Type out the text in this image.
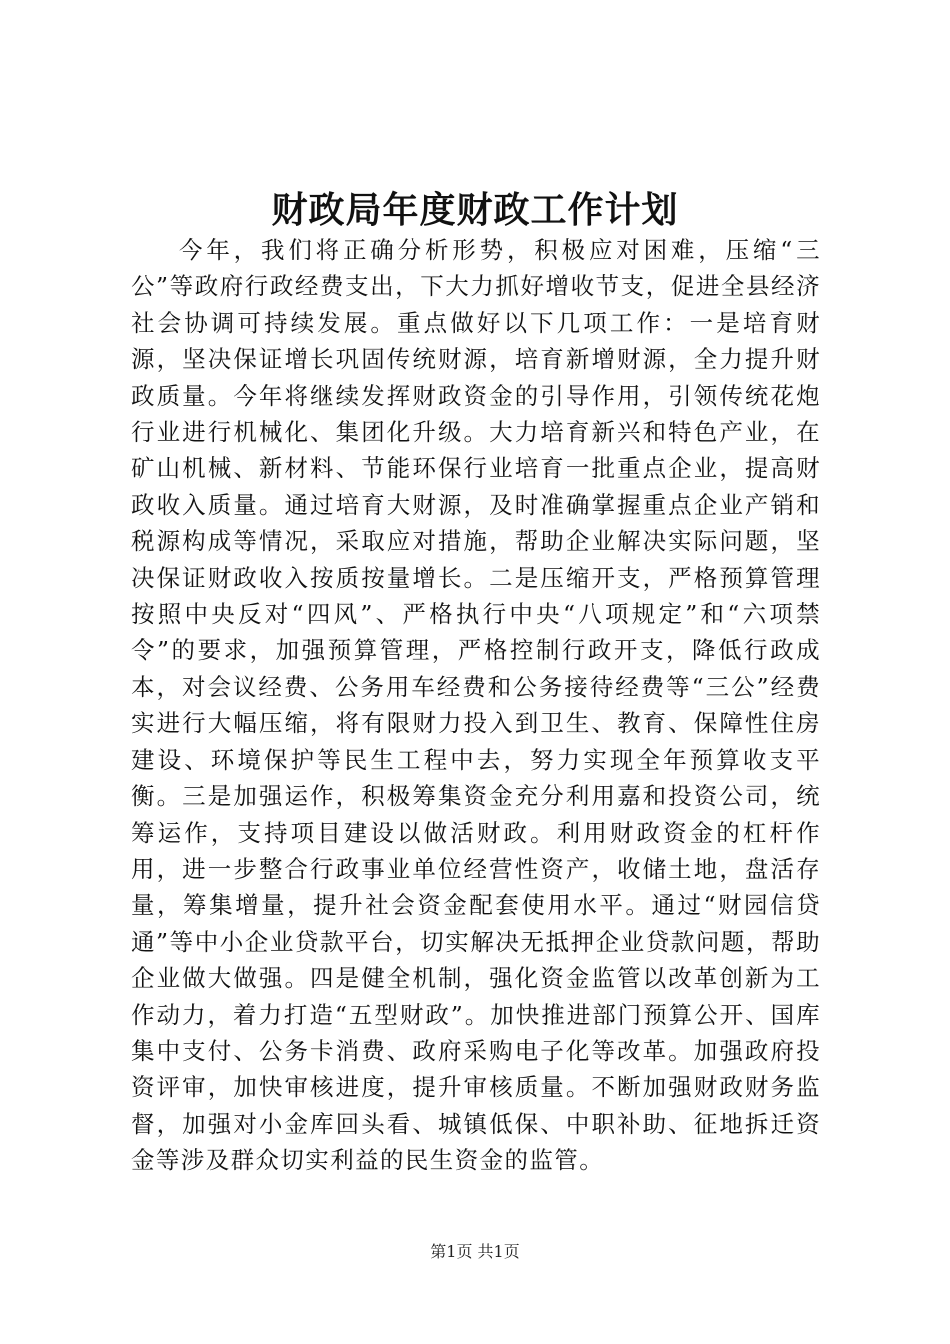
财政局年度财政工作计划

今年，我们将正确分析形势，积极应对困难，压缩“三公”等政府行政经费支出，下大力抓好增收节支，促进全县经济社会协调可持续发展。重点做好以下几项工作：一是培育财源，坚决保证增长巩固传统财源，培育新增财源，全力提升财政质量。今年将继续发挥财政资金的引导作用，引领传统花炮行业进行机械化、集团化升级。大力培育新兴和特色产业，在矿山机械、新材料、节能环保行业培育一批重点企业，提高财政收入质量。通过培育大财源，及时准确掌握重点企业产销和税源构成等情况，采取应对措施，帮助企业解决实际问题，坚决保证财政收入按质按量增长。二是压缩开支，严格预算管理按照中央反对“四风”、严格执行中央“八项规定”和“六项禁令”的要求，加强预算管理，严格控制行政开支，降低行政成本，对会议经费、公务用车经费和公务接待经费等“三公”经费实进行大幅压缩，将有限财力投入到卫生、教育、保障性住房建设、环境保护等民生工程中去，努力实现全年预算收支平衡。三是加强运作，积极筹集资金充分利用嘉和投资公司，统筹运作，支持项目建设以做活财政。利用财政资金的杠杆作用，进一步整合行政事业单位经营性资产，收储土地，盘活存量，筹集增量，提升社会资金配套使用水平。通过“财园信贷通”等中小企业贷款平台，切实解决无抵押企业贷款问题，帮助企业做大做强。四是健全机制，强化资金监管以改革创新为工作动力，着力打造“五型财政”。加快推进部门预算公开、国库集中支付、公务卡消费、政府采购电子化等改革。加强政府投资评审，加快审核进度，提升审核质量。不断加强财政财务监督，加强对小金库回头看、城镇低保、中职补助、征地拆迁资金等涉及群众切实利益的民生资金的监管。

第1页 共1页
